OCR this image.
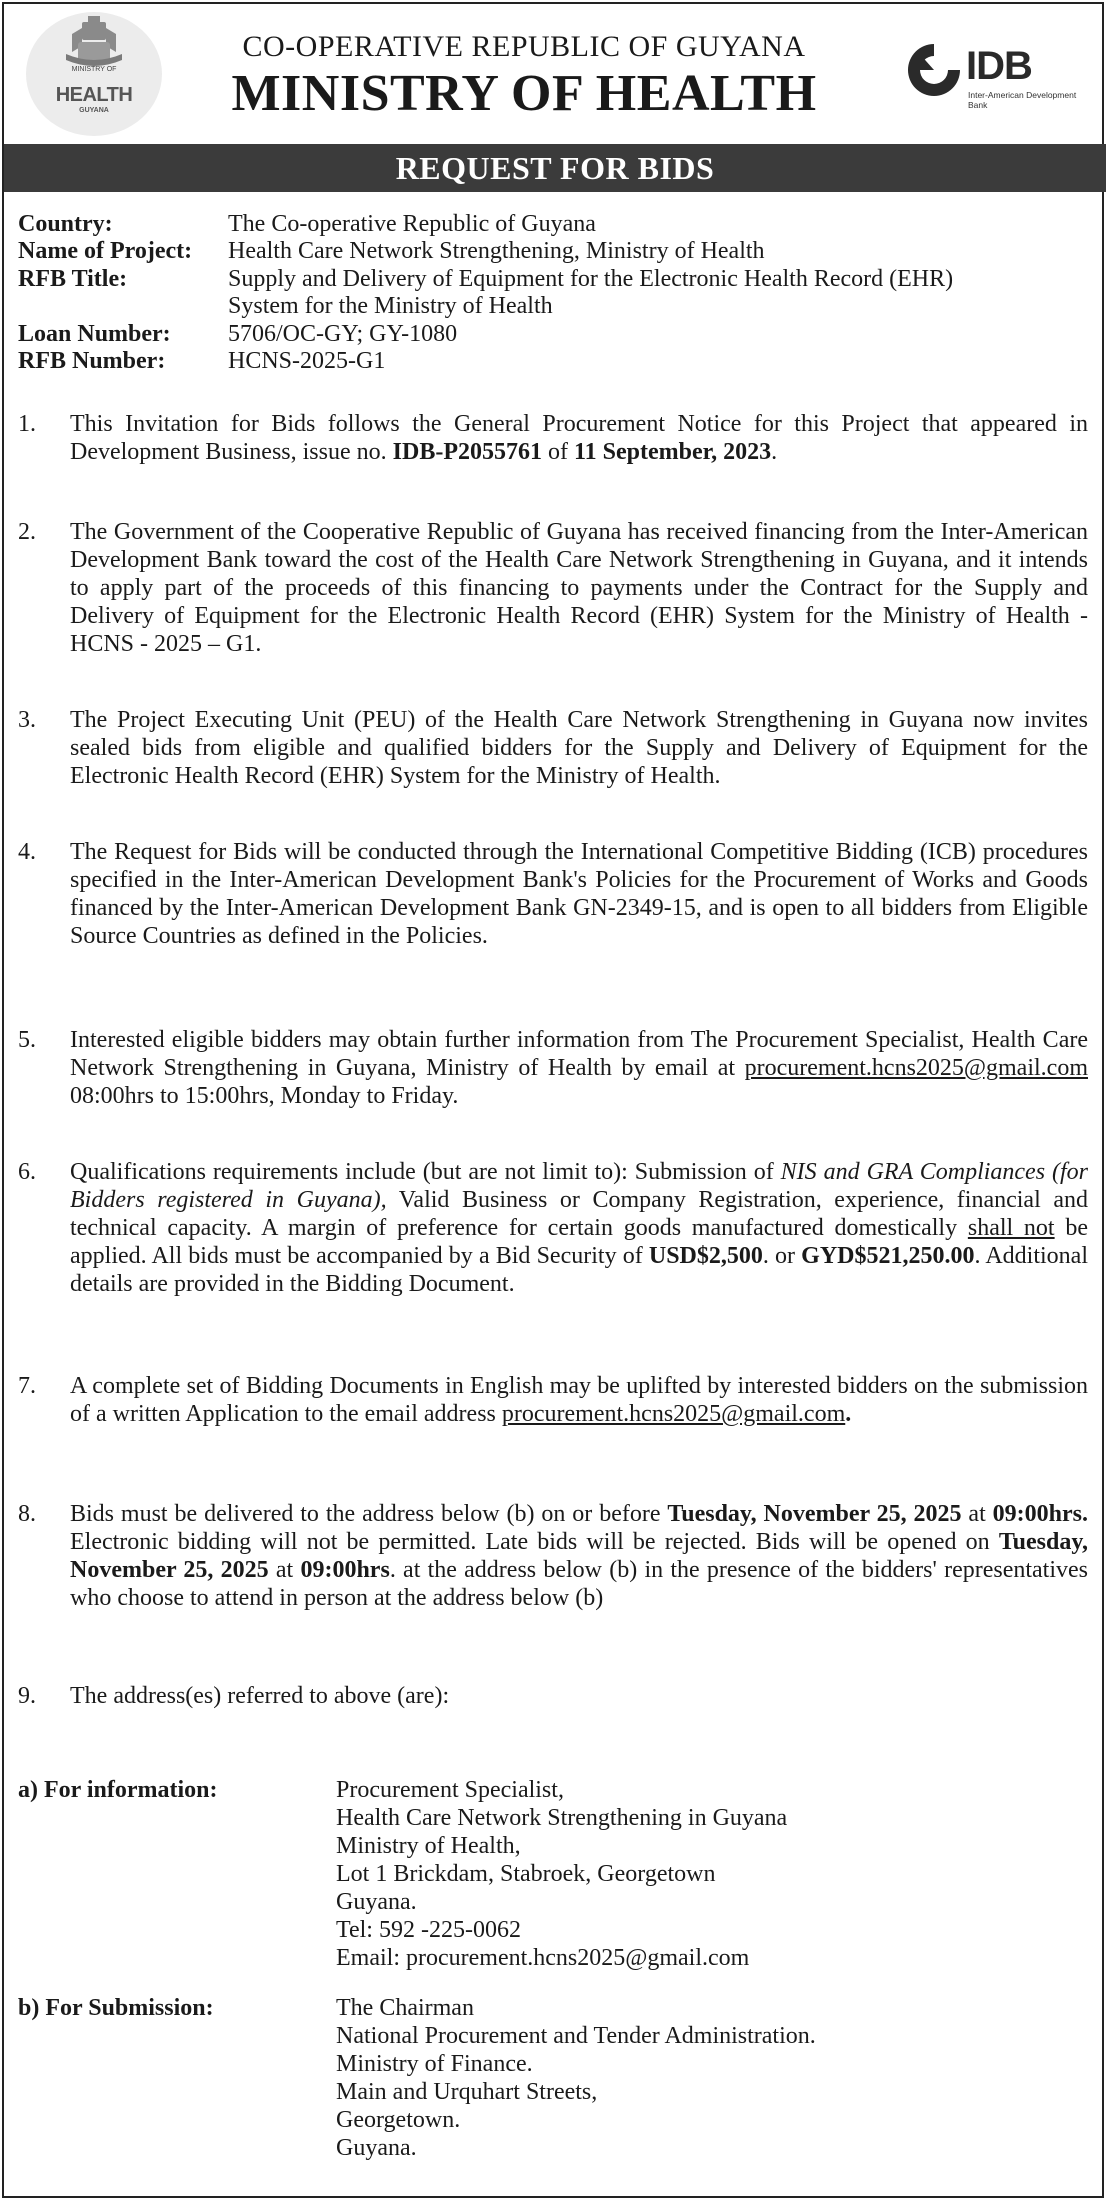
MINISTRY OF
HEALTH
GUYANA
CO-OPERATIVE REPUBLIC OF GUYANA
MINISTRY OF HEALTH	IDB
Inter-American Development Bank
REQUEST FOR BIDS
Country:	The Co-operative Republic of Guyana
Name of Project: Health Care Network Strengthening, Ministry of Health
RFB Title:	Supply and Delivery of Equipment for the Electronic Health Record (EHR)
System for the Ministry of Health
Loan Number: 5706/OC-GY; GY-1080
RFB Number:	HCNS-2025-G1
1.	This Invitation for Bids follows the General Procurement Notice for this Project that appeared in Development Business, issue no. IDB-P2055761 of 11 September, 2023.
2.	The Government of the Cooperative Republic of Guyana has received financing from the Inter-American Development Bank toward the cost of the Health Care Network Strengthening in Guyana, and it intends to apply part of the proceeds of this financing to payments under the Contract for the Supply and Delivery of Equipment for the Electronic Health Record (EHR) System for the Ministry of Health - HCNS - 2025 – G1.
3.	The Project Executing Unit (PEU) of the Health Care Network Strengthening in Guyana now invites sealed bids from eligible and qualified bidders for the Supply and Delivery of Equipment for the Electronic Health Record (EHR) System for the Ministry of Health.
4.	The Request for Bids will be conducted through the International Competitive Bidding (ICB) procedures specified in the Inter-American Development Bank's Policies for the Procurement of Works and Goods financed by the Inter-American Development Bank GN-2349-15, and is open to all bidders from Eligible Source Countries as defined in the Policies.
5.	Interested eligible bidders may obtain further information from The Procurement Specialist, Health Care Network Strengthening in Guyana, Ministry of Health by email at procurement.hcns2025@gmail.com 08:00hrs to 15:00hrs, Monday to Friday.
6.	Qualifications requirements include (but are not limit to): Submission of NIS and GRA Compliances (for Bidders registered in Guyana), Valid Business or Company Registration, experience, financial and technical capacity. A margin of preference for certain goods manufactured domestically shall not be applied. All bids must be accompanied by a Bid Security of USD$2,500. or GYD$521,250.00. Additional details are provided in the Bidding Document.
7.	A complete set of Bidding Documents in English may be uplifted by interested bidders on the submission of a written Application to the email address procurement.hcns2025@gmail.com.
8.	Bids must be delivered to the address below (b) on or before Tuesday, November 25, 2025 at 09:00hrs. Electronic bidding will not be permitted. Late bids will be rejected. Bids will be opened on Tuesday, November 25, 2025 at 09:00hrs. at the address below (b) in the presence of the bidders' representatives who choose to attend in person at the address below (b)
9.	The address(es) referred to above (are):
a) For information:	Procurement Specialist,
Health Care Network Strengthening in Guyana
Ministry of Health,
Lot 1 Brickdam, Stabroek, Georgetown
Guyana.
Tel: 592 -225-0062
Email: procurement.hcns2025@gmail.com
b) For Submission:	The Chairman
National Procurement and Tender Administration.
Ministry of Finance.
Main and Urquhart Streets,
Georgetown.
Guyana.
